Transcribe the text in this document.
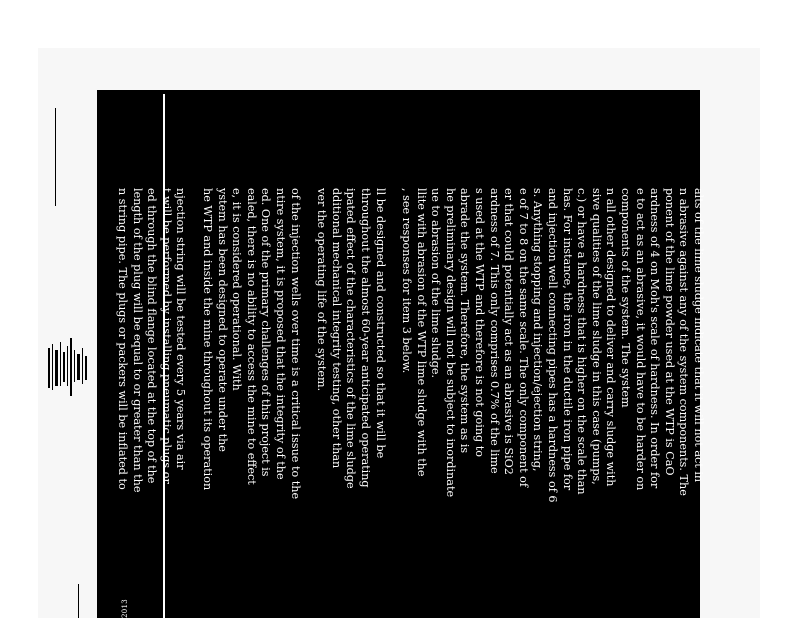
2013
alts of the lime sludge indicate that it will not act in
n abrasive against any of the system components. The
ponent of the lime powder used at the WTP is CaO
ardness of 4 on Moh's scale of hardness. In order for
e to act as an abrasive, it would have to be harder on
components of the system. The system
n all other designed to deliver and carry sludge with
sive qualities of the lime sludge in this case (pumps,
c.) or have a hardness that is higher on the scale than
has. For instance, the iron in the ductile iron pipe for
and injection well connecting pipes has a hardness of 6
s. Anything stopping and injection/ejection string,
e of 7 to 8 on the same scale. The only component of
er that could potentially act as an abrasive is SiO2
ardness of 7. This only comprises 0.7% of the lime
s used at the WTP and therefore is not going to
abrade the system. Therefore, the system as is
he preliminary design will not be subject to inordinate
ue to abrasion of the lime sludge.
llite with abrasion of the WTP lime sludge with the
, see responses for item 3 below.
ll be designed and constructed so that it will be
throughout the almost 60-year anticipated operating
ipated effect of the characteristics of the lime sludge
dditional mechanical integrity testing, other than
ver the operating life of the system.
of the injection wells over time is a critical issue to the
ntire system, it is proposed that the integrity of the
ed. One of the primary challenges of this project is
ealed, there is no ability to access the mine to effect
e, it is considered operational. With
ystem has been designed to operate under the
he WTP and inside the mine throughout its operation
njection string will be tested every 5 years via air
t will be performed by installing pneumatic plugs or
ed through the blind flange located at the top of the
length of the plug will be equal to or greater than the
n string pipe. The plugs or packers will be inflated to
